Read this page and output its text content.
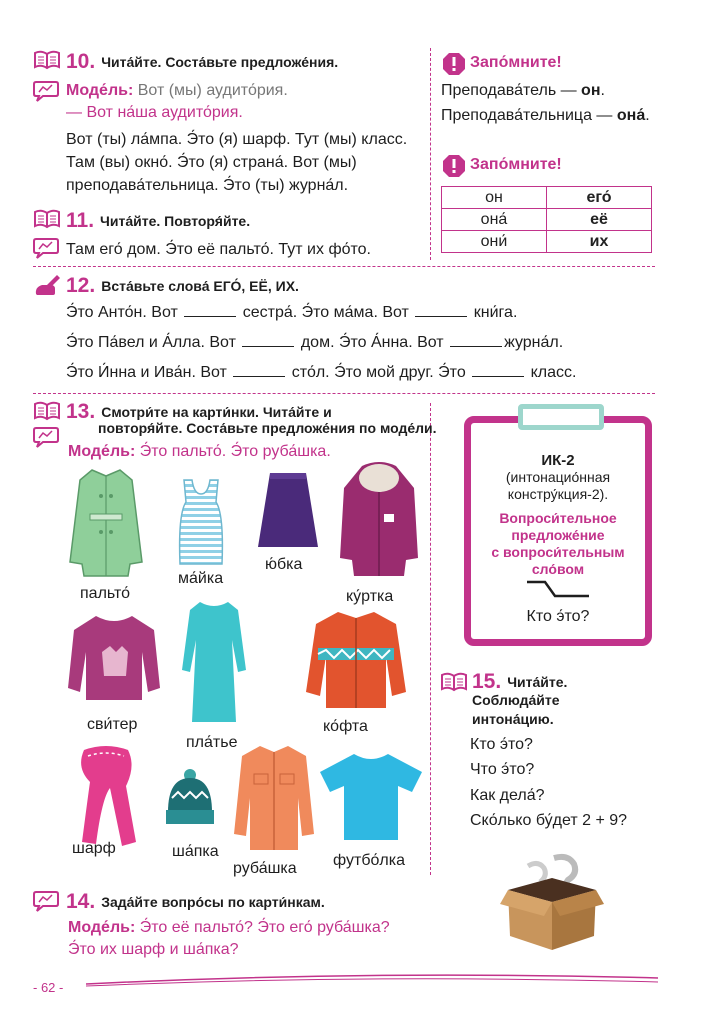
10. Чита́йте. Соста́вьте предложе́ния.
Моде́ль: Вот (мы) аудито́рия.
— Вот на́ша аудито́рия.
Вот (ты) ла́мпа. Э́то (я) шарф. Тут (мы) класс.
Там (вы) окно́. Э́то (я) страна́. Вот (мы)
преподава́тельница. Э́то (ты) журна́л.
Запо́мните!
Преподава́тель — он.
Преподава́тельница — она́.
Запо́мните!
он	его́
она́	её
они́	их
11. Чита́йте. Повторя́йте.
Там его́ дом. Э́то её пальто́. Тут их фо́то.
12. Вста́вьте слова́ ЕГО́, ЕЁ, ИХ.
Э́то Анто́н. Вот	сестра́. Э́то ма́ма. Вот	кни́га.
Э́то Па́вел и А́лла. Вот	дом. Э́то А́нна. Вот	журна́л.
Э́то И́нна и Ива́н. Вот	сто́л. Э́то мой друг. Э́то	класс.
13. Смотри́те на карти́нки. Чита́йте и
повторя́йте. Соста́вьте предложе́ния по моде́ли.
Моде́ль: Э́то пальто́. Э́то руба́шка.
пальто́
ма́йка
ю́бка
ку́ртка
сви́тер
пла́тье
ко́фта
шарф	ша́пка
руба́шка футбо́лка
ИК-2
(интонацио́нная
констру́кция-2).
Вопроси́тельное
предложе́ние
с вопроси́тельным
сло́вом
Кто э́то?
15. Чита́йте.
Соблюда́йте
интона́цию.
Кто э́то?
Что э́то?
Как дела́?
Ско́лько бу́дет 2 + 9?
14. Зада́йте вопро́сы по карти́нкам.
Моде́ль: Э́то её пальто́? Э́то его́ руба́шка?
Э́то их шарф и ша́пка?
- 62 -
